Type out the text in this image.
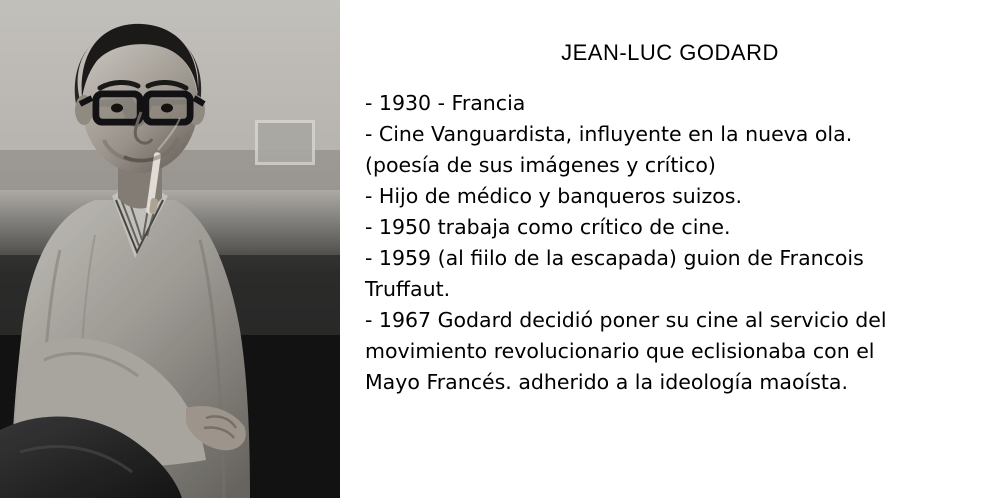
JEAN-LUC GODARD

- 1930 - Francia

- Cine Vanguardista, influyente en la nueva ola.

(poesía de sus imágenes y crítico)

- Hijo de médico y banqueros suizos.

- 1950 trabaja como crítico de cine.

- 1959 (al fiilo de la escapada) guion de Francois

Truffaut.

- 1967 Godard decidió poner su cine al servicio del

movimiento revolucionario que eclisionaba con el

Mayo Francés. adherido a la ideología maoísta.
